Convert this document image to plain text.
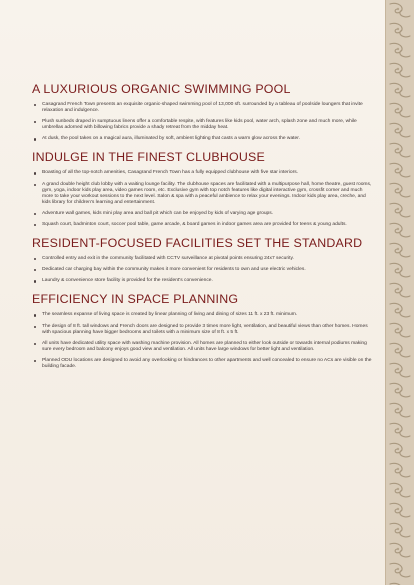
A LUXURIOUS ORGANIC SWIMMING POOL
Casagrand French Town presents an exquisite organic-shaped swimming pool of 13,000 sft. surrounded by a tableau of poolside loungers that invite relaxation and indulgence.
Plush sunbeds draped in sumptuous linens offer a comfortable respite, with features like kids pool, water arch, splash zone and much more, while umbrellas adorned with billowing fabrics provide a shady retreat from the midday heat.
At dusk, the pool takes on a magical aura, illuminated by soft, ambient lighting that casts a warm glow across the water.
INDULGE IN THE FINEST CLUBHOUSE
Boasting of all the top-notch amenities, Casagrand French Town has a fully equipped clubhouse with five star interiors.
A grand double height club lobby with a waiting lounge facility. The clubhouse spaces are facilitated with a multipurpose hall, home theatre, guest rooms, gym, yoga, indoor kids play area, video games room, etc. Exclusive gym with top notch features like digital interactive gym, crossfit corner and much more to take your workout sessions to the next level. Salon & spa with a peaceful ambience to relax your evenings. Indoor kids play area, creche, and kids library for children's learning and entertainment.
Adventure wall games, kids mini play area and ball pit which can be enjoyed by kids of varying age groups.
Squash court, badminton court, soccer pool table, game arcade, & board games in indoor games area are provided for teens & young adults.
RESIDENT-FOCUSED FACILITIES SET THE STANDARD
Controlled entry and exit in the community facilitated with CCTV surveillance at pivotal points ensuring 24x7 security.
Dedicated car charging bay within the community makes it more convenient for residents to own and use electric vehicles.
Laundry & convenience store facility is provided for the resident's convenience.
EFFICIENCY IN SPACE PLANNING
The seamless expanse of living space is created by linear planning of living and dining of sizes 11 ft. x 23 ft. minimum.
The design of 8 ft. tall windows and French doors are designed to provide 3 times more light, ventilation, and beautiful views than other homes. Homes with spacious planning have bigger bedrooms and toilets with a minimum size of 8 ft. x 5 ft.
All units have dedicated utility space with washing machine provision. All homes are planned to either look outside or towards internal podiums making sure every bedroom and balcony enjoys good view and ventilation. All units have large windows for better light and ventilation.
Planned ODU locations are designed to avoid any overlooking or hindrances to other apartments and well concealed to ensure no ACs are visible on the building facade.
